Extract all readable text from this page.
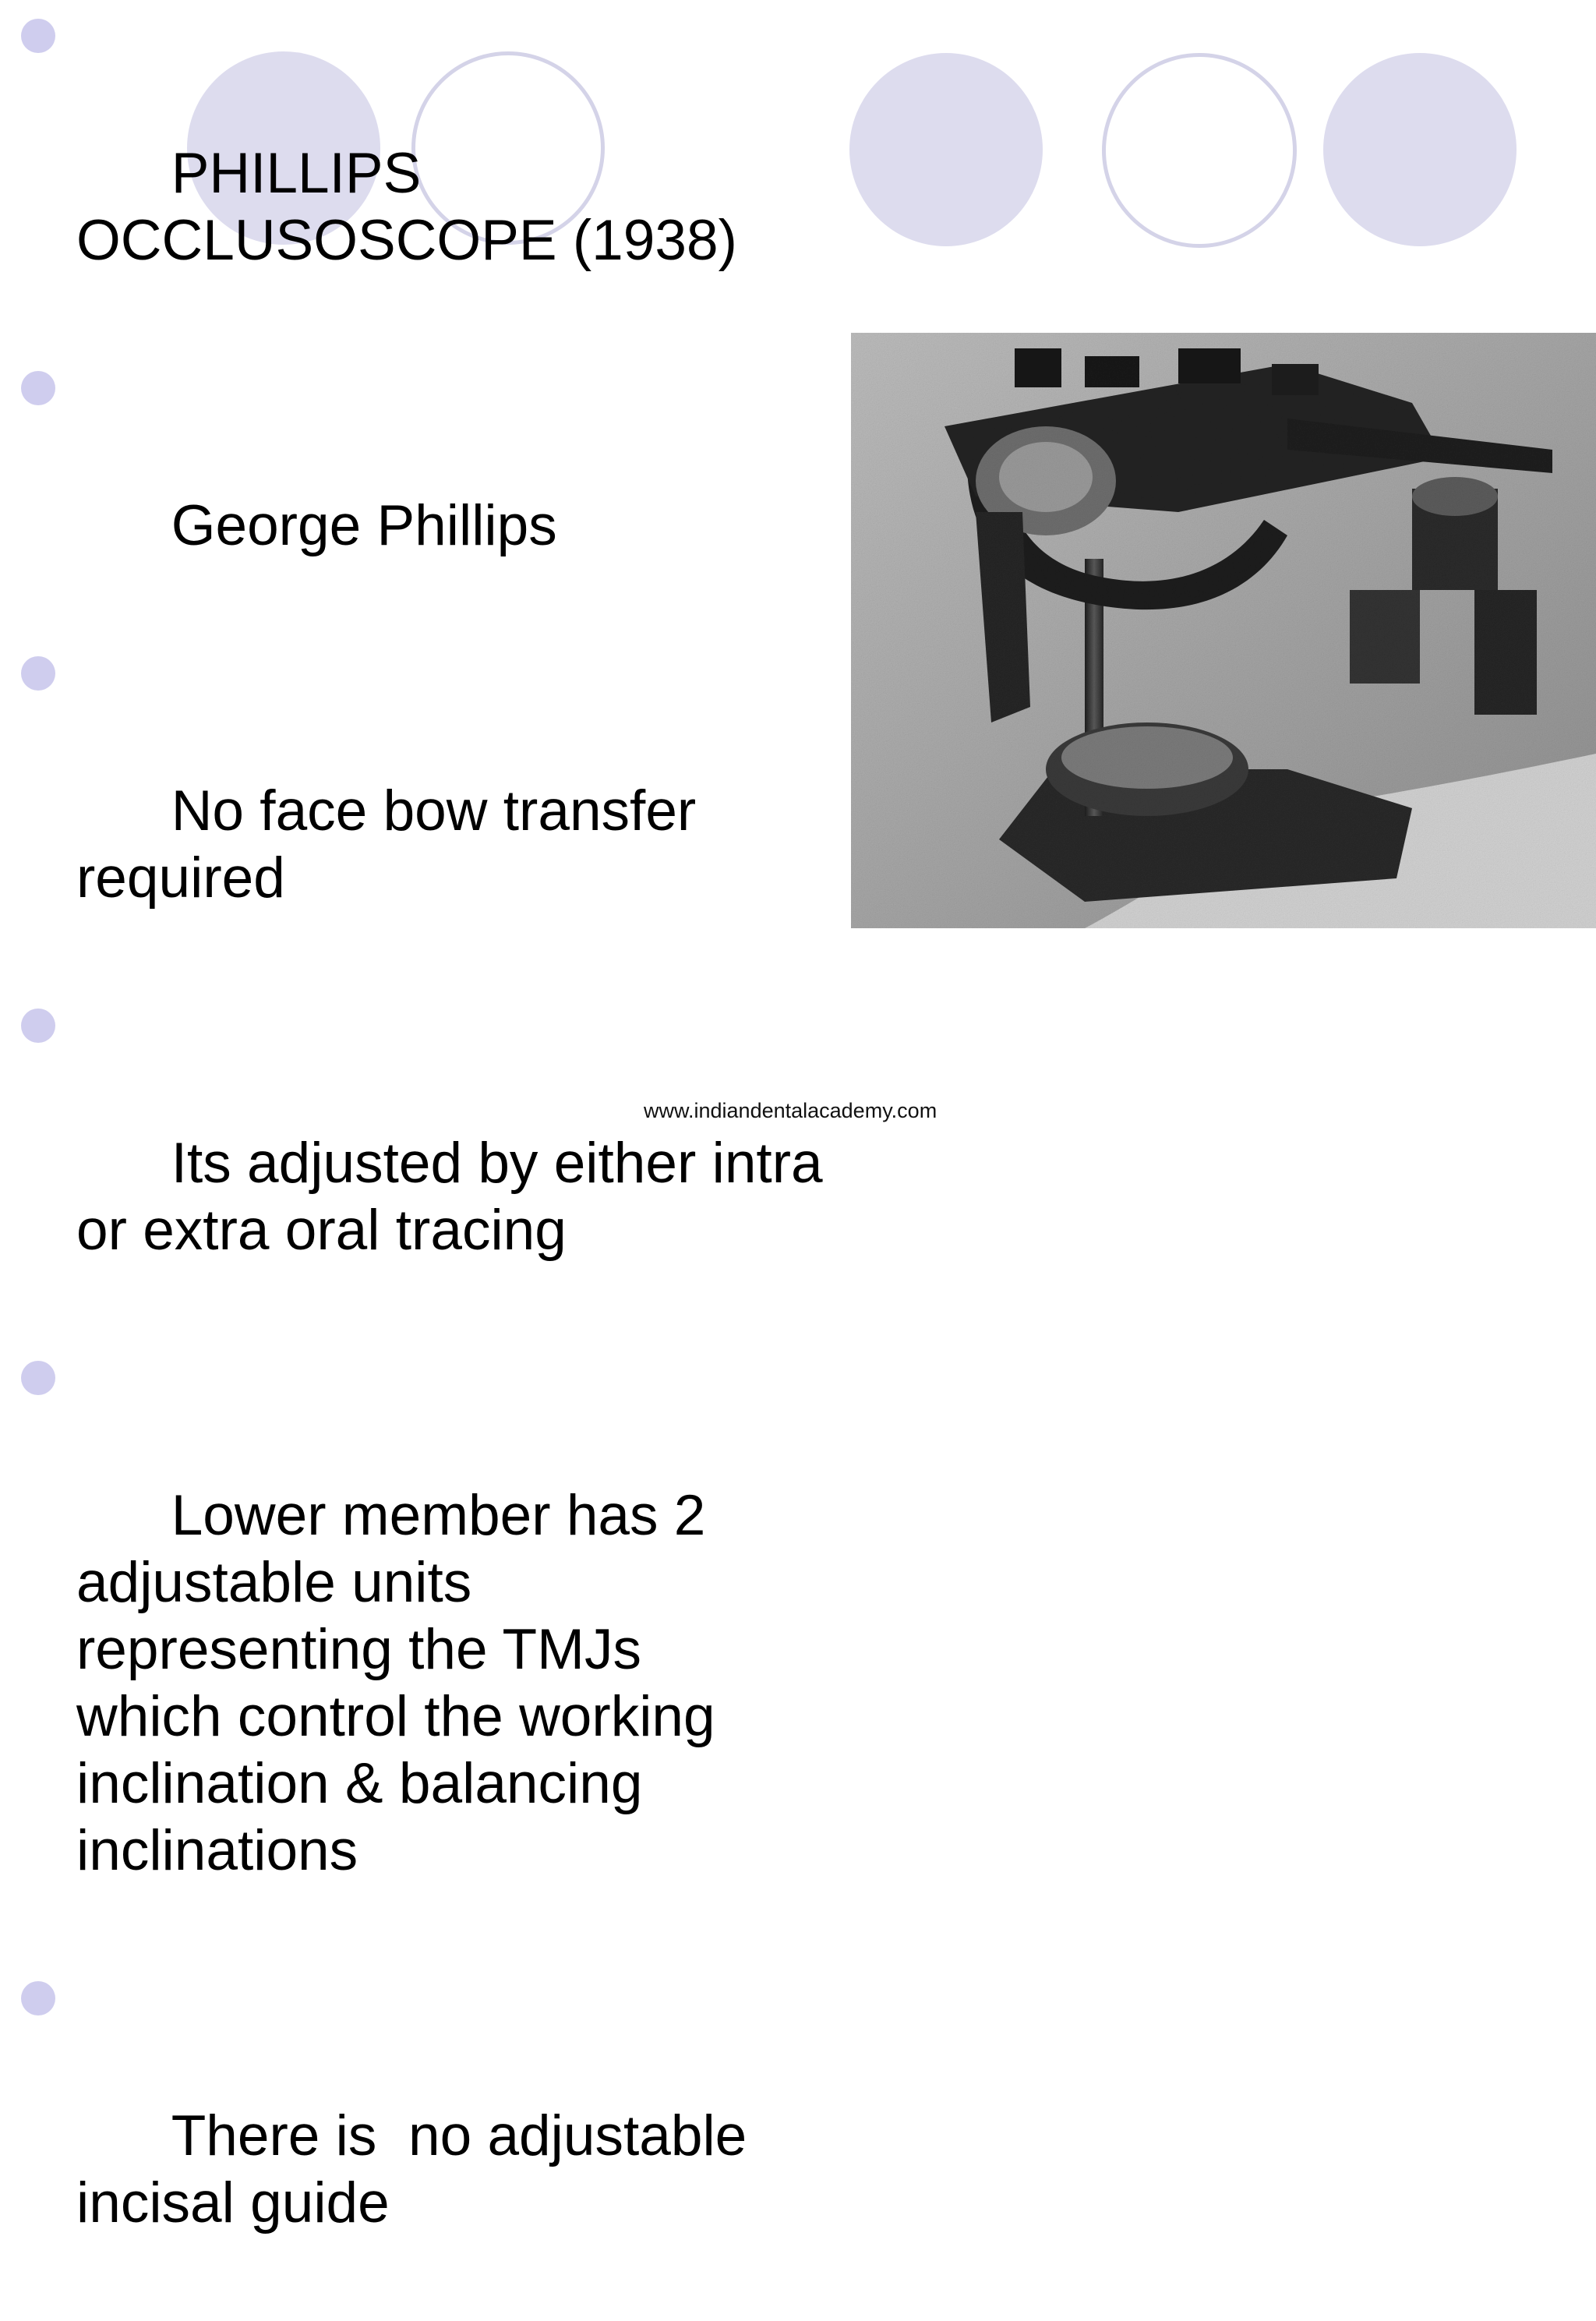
PHILLIPS
OCCLUSOSCOPE (1938)

George Phillips

No face bow transfer
required

Its adjusted by either intra
or extra oral tracing

Lower member has 2
adjustable units
representing the TMJs
which control the working
inclination & balancing
inclinations

There is  no adjustable
incisal guide

www.indiandentalacademy.com
